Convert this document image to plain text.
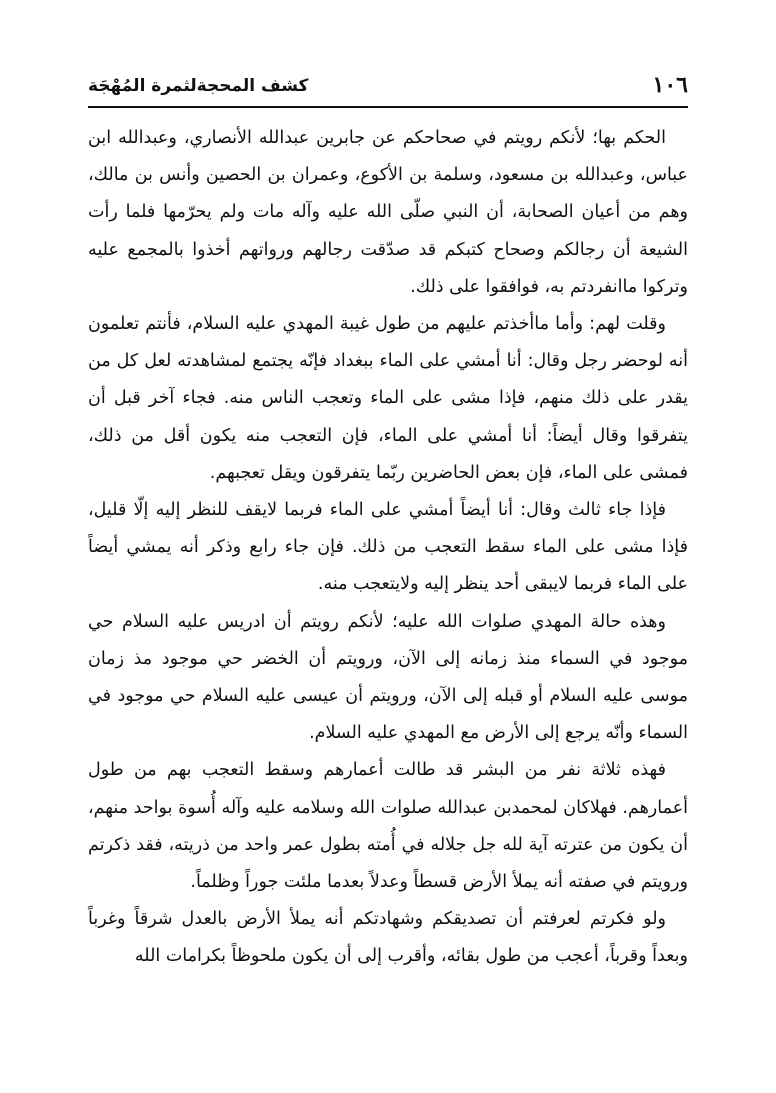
١٠٦
كشف المحجةلثمرة المُهْجَة

الحكم بها؛ لأنكم رويتم في صحاحكم عن جابرين عبدالله الأنصاري، وعبدالله ابن عباس، وعبدالله بن مسعود، وسلمة بن الأكوع، وعمران بن الحصين وأنس بن مالك، وهم من أعيان الصحابة، أن النبي صلّى الله عليه وآله مات ولم يحرّمها فلما رأت الشيعة أن رجالكم وصحاح كتبكم قد صدّقت رجالهم ورواتهم أخذوا بالمجمع عليه وتركوا ماانفردتم به، فوافقوا على ذلك.

وقلت لهم: وأما ماأخذتم عليهم من طول غيبة المهدي عليه السلام، فأنتم تعلمون أنه لوحضر رجل وقال: أنا أمشي على الماء ببغداد فإنّه يجتمع لمشاهدته لعل كل من يقدر على ذلك منهم، فإذا مشى على الماء وتعجب الناس منه. فجاء آخر قبل أن يتفرقوا وقال أيضاً: أنا أمشي على الماء، فإن التعجب منه يكون أقل من ذلك، فمشى على الماء، فإن بعض الحاضرين ربّما يتفرقون ويقل تعجبهم.

فإذا جاء ثالث وقال: أنا أيضاً أمشي على الماء فربما لايقف للنظر إليه إلّا قليل، فإذا مشى على الماء سقط التعجب من ذلك. فإن جاء رابع وذكر أنه يمشي أيضاً على الماء فربما لايبقى أحد ينظر إليه ولايتعجب منه.

وهذه حالة المهدي صلوات الله عليه؛ لأنكم رويتم أن ادريس عليه السلام حي موجود في السماء منذ زمانه إلى الآن، ورويتم أن الخضر حي موجود مذ زمان موسى عليه السلام أو قبله إلى الآن، ورويتم أن عيسى عليه السلام حي موجود في السماء وأنّه يرجع إلى الأرض مع المهدي عليه السلام.

فهذه ثلاثة نفر من البشر قد طالت أعمارهم وسقط التعجب بهم من طول أعمارهم. فهلاكان لمحمدبن عبدالله صلوات الله وسلامه عليه وآله أُسوة بواحد منهم، أن يكون من عترته آية لله جل جلاله في أُمته بطول عمر واحد من ذريته، فقد ذكرتم ورويتم في صفته أنه يملأ الأرض قسطاً وعدلاً بعدما ملئت جوراً وظلماً.

ولو فكرتم لعرفتم أن تصديقكم وشهادتكم أنه يملأ الأرض بالعدل شرقاً وغرباً وبعداً وقرباً، أعجب من طول بقائه، وأقرب إلى أن يكون ملحوظاً بكرامات الله
